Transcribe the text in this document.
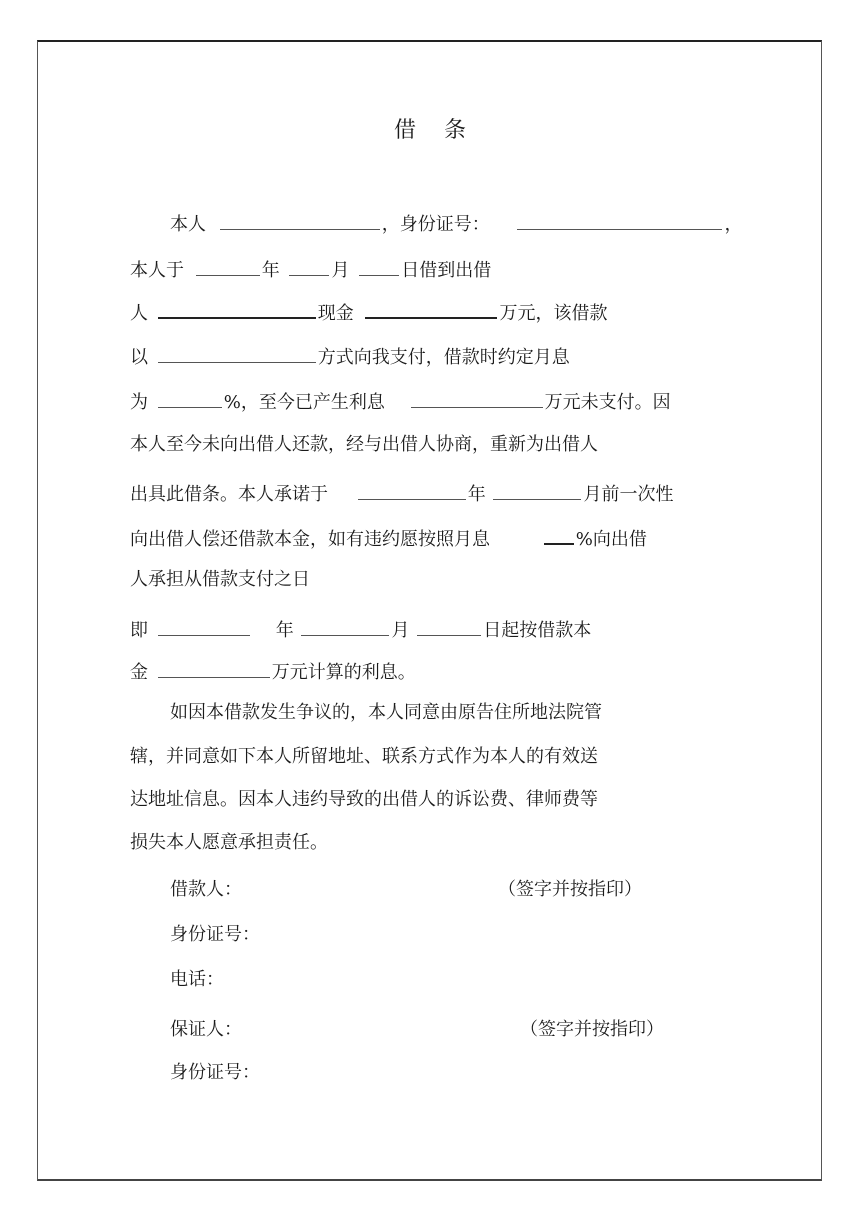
借条
本人	，身份证号：	，
本人于	年	月	日借到出借
人	现金	万元，该借款
以	方式向我支付，借款时约定月息
为	%，至今已产生利息	万元未支付。因
本人至今未向出借人还款，经与出借人协商，重新为出借人
出具此借条。本人承诺于	年	月前一次性
向出借人偿还借款本金，如有违约愿按照月息	%向出借
人承担从借款支付之日
即	年	月	日起按借款本
金	万元计算的利息。
如因本借款发生争议的，本人同意由原告住所地法院管
辖，并同意如下本人所留地址、联系方式作为本人的有效送
达地址信息。因本人违约导致的出借人的诉讼费、律师费等
损失本人愿意承担责任。
借款人：	（签字并按指印）
身份证号：
电话：
保证人：	（签字并按指印）
身份证号：
